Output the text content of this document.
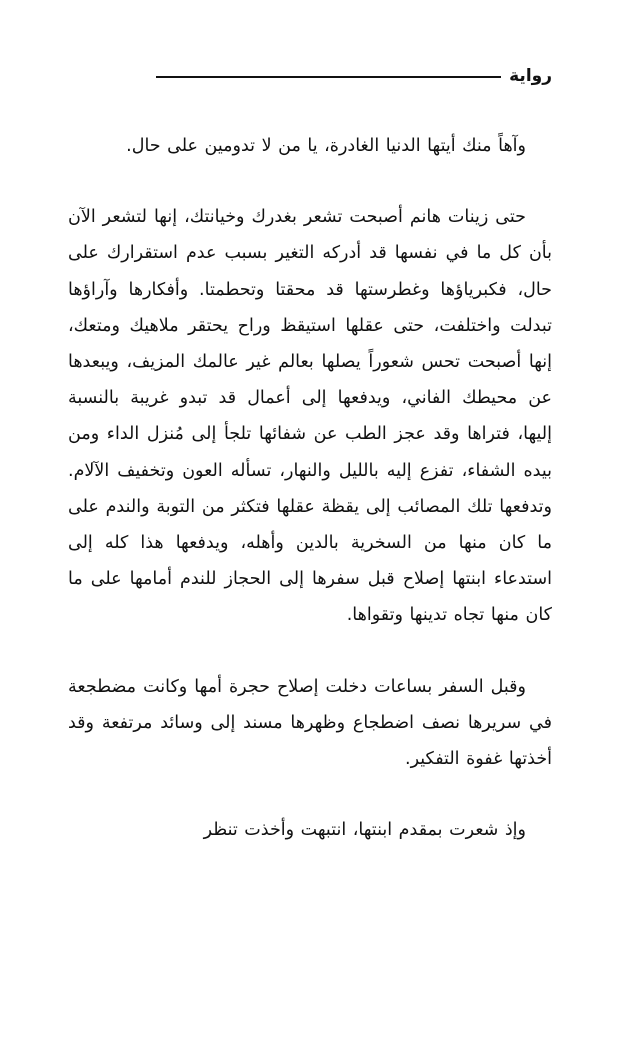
رواية

وآهاً منك أيتها الدنيا الغادرة، يا من لا تدومين على حال.

حتى زينات هانم أصبحت تشعر بغدرك وخيانتك، إنها لتشعر الآن بأن كل ما في نفسها قد أدركه التغير بسبب عدم استقرارك على حال، فكبرياؤها وغطرستها قد محقتا وتحطمتا. وأفكارها وآراؤها تبدلت واختلفت، حتى عقلها استيقظ وراح يحتقر ملاهيك ومتعك، إنها أصبحت تحس شعوراً يصلها بعالم غير عالمك المزيف، ويبعدها عن محيطك الفاني، ويدفعها إلى أعمال قد تبدو غريبة بالنسبة إليها، فتراها وقد عجز الطب عن شفائها تلجأ إلى مُنزل الداء ومن بيده الشفاء، تفزع إليه بالليل والنهار، تسأله العون وتخفيف الآلام. وتدفعها تلك المصائب إلى يقظة عقلها فتكثر من التوبة والندم على ما كان منها من السخرية بالدين وأهله، ويدفعها هذا كله إلى استدعاء ابنتها إصلاح قبل سفرها إلى الحجاز للندم أمامها على ما كان منها تجاه تدينها وتقواها.

وقبل السفر بساعات دخلت إصلاح حجرة أمها وكانت مضطجعة في سريرها نصف اضطجاع وظهرها مسند إلى وسائد مرتفعة وقد أخذتها غفوة التفكير.

وإذ شعرت بمقدم ابنتها، انتبهت وأخذت تنظر
